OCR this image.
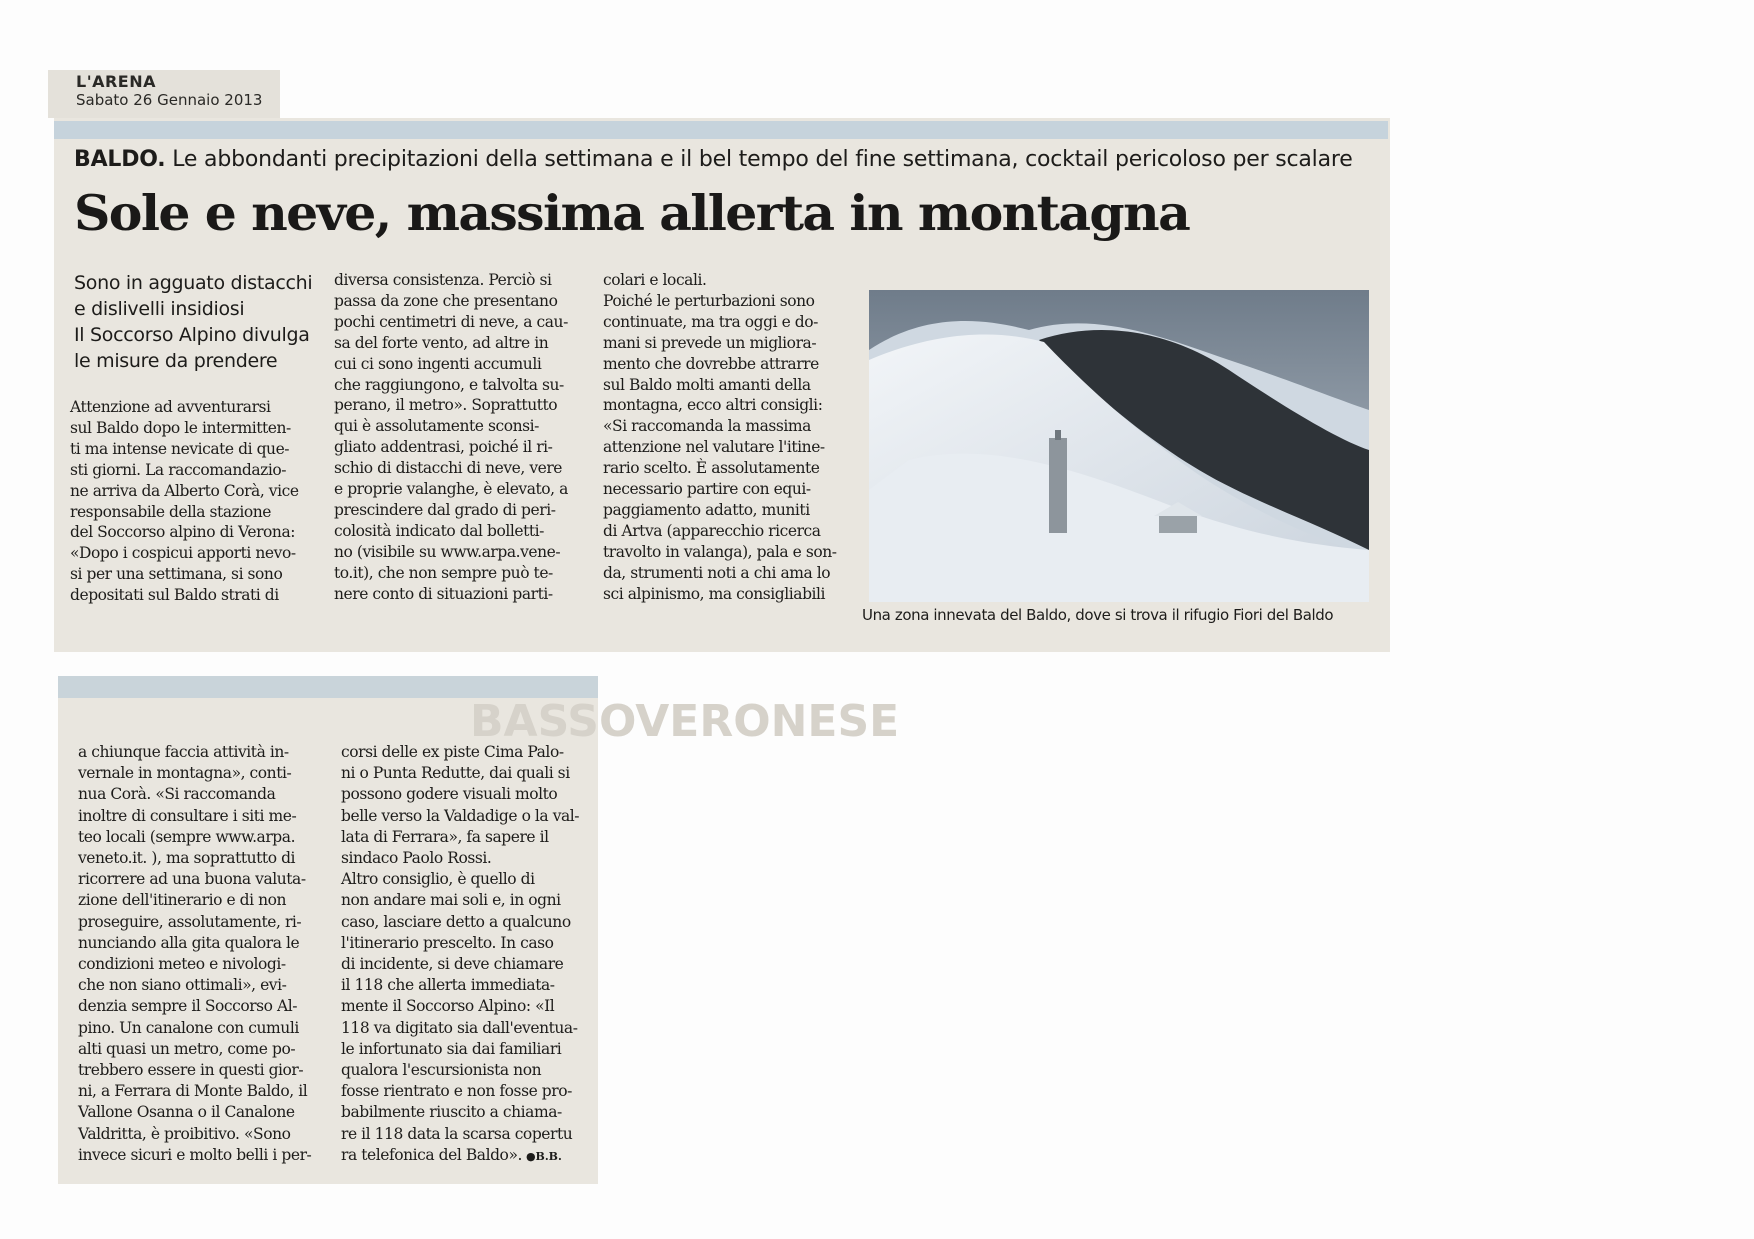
L'ARENA
Sabato 26 Gennaio 2013
BALDO. Le abbondanti precipitazioni della settimana e il bel tempo del fine settimana, cocktail pericoloso per scalare
Sole e neve, massima allerta in montagna
Sono in agguato distacchi
e dislivelli insidiosi
Il Soccorso Alpino divulga
le misure da prendere
Attenzione ad avventurarsi
sul Baldo dopo le intermitten-
ti ma intense nevicate di que-
sti giorni. La raccomandazio-
ne arriva da Alberto Corà, vice
responsabile della stazione
del Soccorso alpino di Verona:
«Dopo i cospicui apporti nevo-
si per una settimana, si sono
depositati sul Baldo strati di
diversa consistenza. Perciò si
passa da zone che presentano
pochi centimetri di neve, a cau-
sa del forte vento, ad altre in
cui ci sono ingenti accumuli
che raggiungono, e talvolta su-
perano, il metro». Soprattutto
qui è assolutamente sconsi-
gliato addentrasi, poiché il ri-
schio di distacchi di neve, vere
e proprie valanghe, è elevato, a
prescindere dal grado di peri-
colosità indicato dal bolletti-
no (visibile su www.arpa.vene-
to.it), che non sempre può te-
nere conto di situazioni parti-
colari e locali.
Poiché le perturbazioni sono
continuate, ma tra oggi e do-
mani si prevede un migliora-
mento che dovrebbe attrarre
sul Baldo molti amanti della
montagna, ecco altri consigli:
«Si raccomanda la massima
attenzione nel valutare l'itine-
rario scelto. È assolutamente
necessario partire con equi-
paggiamento adatto, muniti
di Artva (apparecchio ricerca
travolto in valanga), pala e son-
da, strumenti noti a chi ama lo
sci alpinismo, ma consigliabili
Una zona innevata del Baldo, dove si trova il rifugio Fiori del Baldo
BASSOVERONESE
a chiunque faccia attività in-
vernale in montagna», conti-
nua Corà. «Si raccomanda
inoltre di consultare i siti me-
teo locali (sempre www.arpa.
veneto.it. ), ma soprattutto di
ricorrere ad una buona valuta-
zione dell'itinerario e di non
proseguire, assolutamente, ri-
nunciando alla gita qualora le
condizioni meteo e nivologi-
che non siano ottimali», evi-
denzia sempre il Soccorso Al-
pino. Un canalone con cumuli
alti quasi un metro, come po-
trebbero essere in questi gior-
ni, a Ferrara di Monte Baldo, il
Vallone Osanna o il Canalone
Valdritta, è proibitivo. «Sono
invece sicuri e molto belli i per-
corsi delle ex piste Cima Palo-
ni o Punta Redutte, dai quali si
possono godere visuali molto
belle verso la Valdadige o la val-
lata di Ferrara», fa sapere il
sindaco Paolo Rossi.
Altro consiglio, è quello di
non andare mai soli e, in ogni
caso, lasciare detto a qualcuno
l'itinerario prescelto. In caso
di incidente, si deve chiamare
il 118 che allerta immediata-
mente il Soccorso Alpino: «Il
118 va digitato sia dall'eventua-
le infortunato sia dai familiari
qualora l'escursionista non
fosse rientrato e non fosse pro-
babilmente riuscito a chiama-
re il 118 data la scarsa copertu
ra telefonica del Baldo». ●B.B.
